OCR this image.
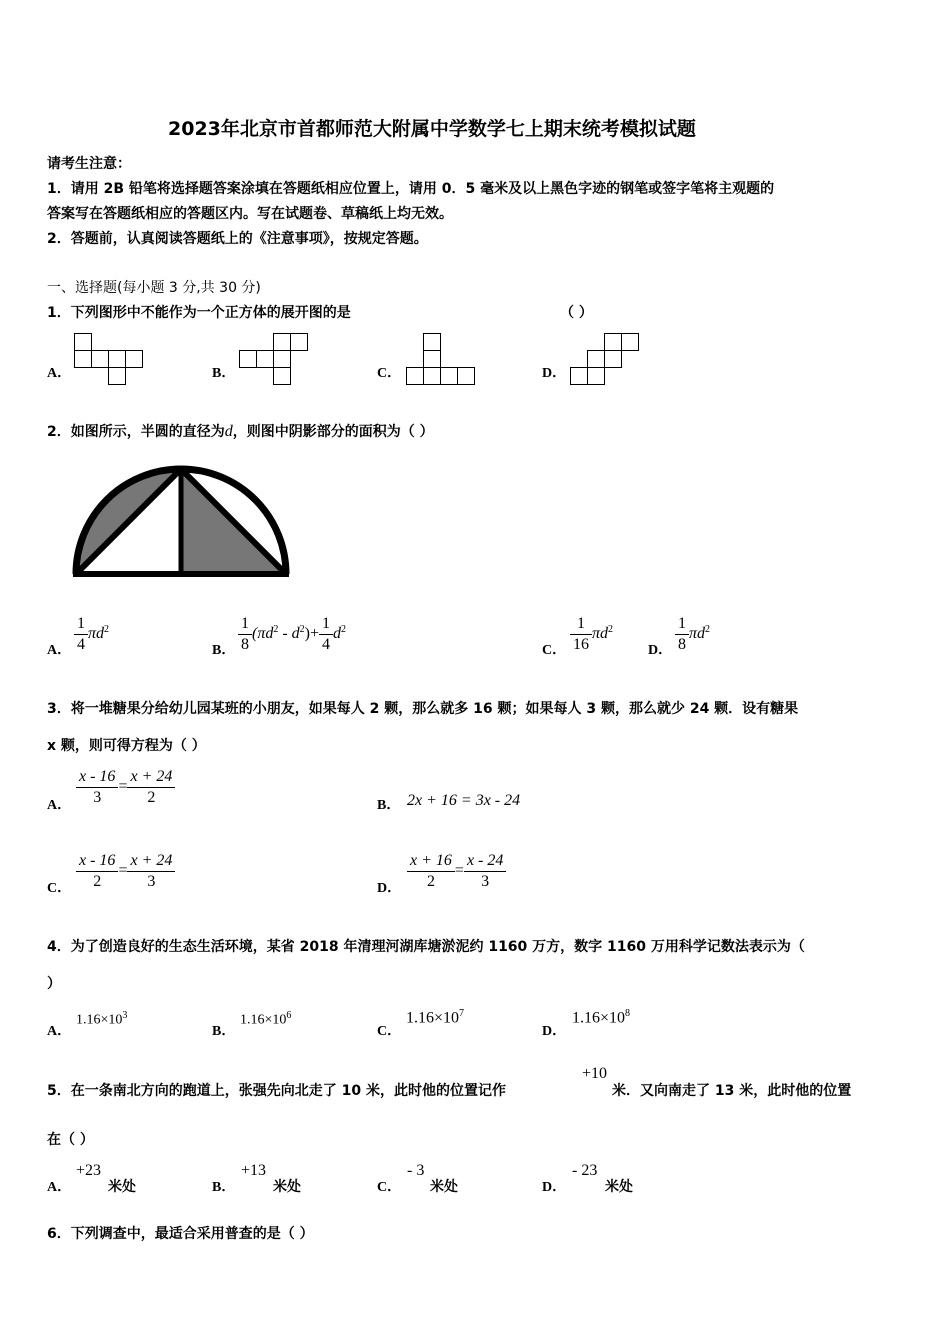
2023年北京市首都师范大附属中学数学七上期末统考模拟试题
请考生注意：
1．请用 2B 铅笔将选择题答案涂填在答题纸相应位置上，请用 0．5 毫米及以上黑色字迹的钢笔或签字笔将主观题的
答案写在答题纸相应的答题区内。写在试题卷、草稿纸上均无效。
2．答题前，认真阅读答题纸上的《注意事项》，按规定答题。
一、选择题(每小题 3 分,共 30 分)
1．下列图形中不能作为一个正方体的展开图的是	（ ）
A．	B．	C．	D．
2．如图所示，半圆的直径为d，则图中阴影部分的面积为（ ）
A． $\frac{1}{4} \pi d^2$
B． $\frac{1}{8} (\pi d^2 - d^2)+ \frac{1}{4} d^2$
C． $\frac{1}{16} \pi d^2$
D． $\frac{1}{8} \pi d^2$
3．将一堆糖果分给幼儿园某班的小朋友，如果每人 2 颗，那么就多 16 颗；如果每人 3 颗，那么就少 24 颗．设有糖果
x 颗，则可得方程为（ ）
A． $\frac{x - 16}{3} = \frac{x + 24}{2}$	B． 2x + 16 = 3x - 24
C． $\frac{x - 16}{2} = \frac{x + 24}{3}$	D． $\frac{x + 16}{2} = \frac{x - 24}{3}$
4．为了创造良好的生态生活环境，某省 2018 年清理河湖库塘淤泥约 1160 万方，数字 1160 万用科学记数法表示为（
）
A．
$1.16\times 10^3$
B．
$1.16\times 10^6$
C．
$1.16\times 10^7$
D．
$1.16\times 10^8$
5．在一条南北方向的跑道上，张强先向北走了 10 米，此时他的位置记作
+10
米．又向南走了 13 米，此时他的位置
在（ ）
A．
+23
米处	B．
+13
米处	C．
- 3
米处	D．
- 23
米处
6．下列调查中，最适合采用普查的是（ ）
